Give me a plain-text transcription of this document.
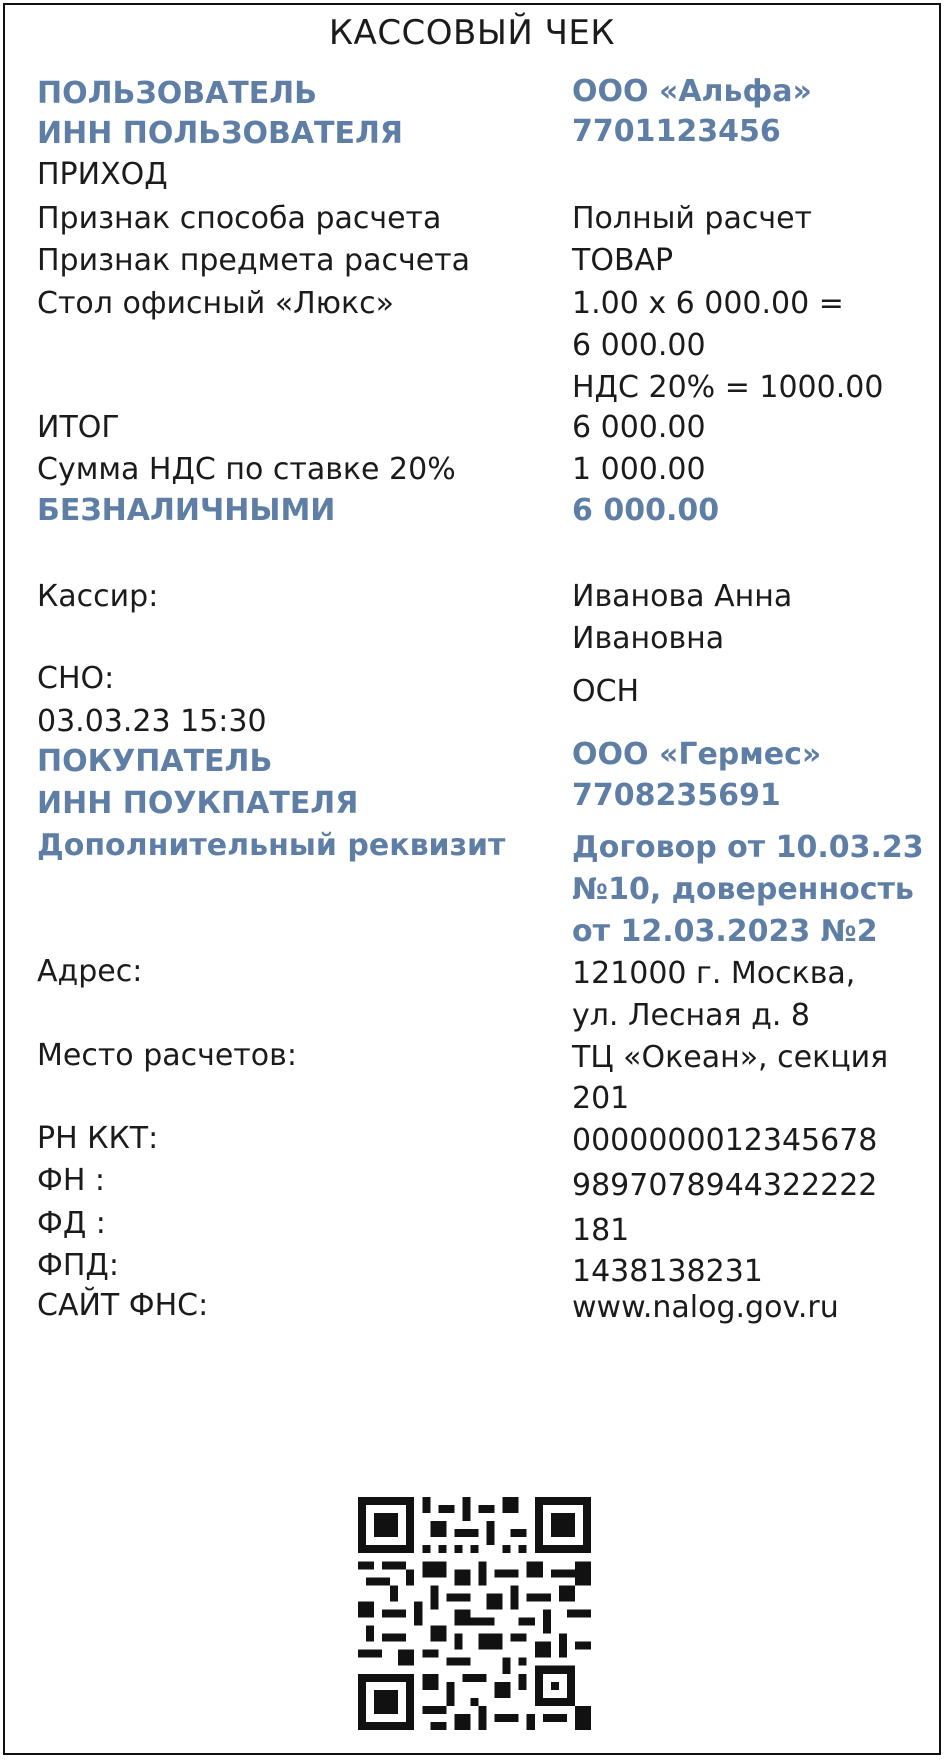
КАССОВЫЙ ЧЕК
ПОЛЬЗОВАТЕЛЬ	ООО «Альфа»
ИНН ПОЛЬЗОВАТЕЛЯ	7701123456
ПРИХОД
Признак способа расчета	Полный расчет
Признак предмета расчета	ТОВАР
Стол офисный «Люкс»	1.00 x 6 000.00 =
6 000.00
НДС 20% = 1000.00
ИТОГ	6 000.00
Сумма НДС по ставке 20%	1 000.00
БЕЗНАЛИЧНЫМИ	6 000.00
Кассир:	Иванова Анна
Ивановна
СНО:	ОСН
03.03.23 15:30
ПОКУПАТЕЛЬ	ООО «Гермес»
ИНН ПОУКПАТЕЛЯ	7708235691
Дополнительный реквизит Договор от 10.03.23
№10, доверенность
от 12.03.2023 №2
Адрес:	121000 г. Москва,
ул. Лесная д. 8
Место расчетов:	ТЦ «Океан», секция
201
РН ККТ:	0000000012345678
ФН :	9897078944322222
ФД :	181
ФПД:	1438138231
САЙТ ФНС:	www.nalog.gov.ru
